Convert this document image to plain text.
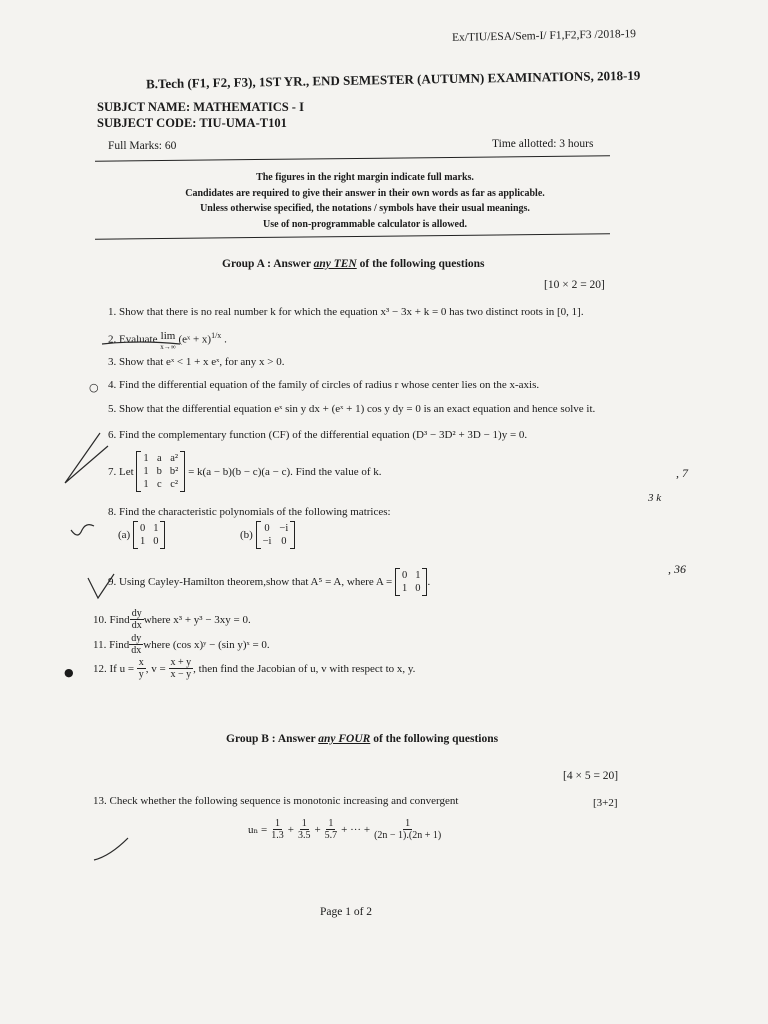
Ex/TIU/ESA/Sem-I/ F1,F2,F3 /2018-19
B.Tech (F1, F2, F3), 1ST YR., END SEMESTER (AUTUMN) EXAMINATIONS, 2018-19
SUBJCT NAME: MATHEMATICS - I
SUBJECT CODE: TIU-UMA-T101
Full Marks: 60	Time allotted: 3 hours
The figures in the right margin indicate full marks.
Candidates are required to give their answer in their own words as far as applicable.
Unless otherwise specified, the notations / symbols have their usual meanings.
Use of non-programmable calculator is allowed.
Group A : Answer any TEN of the following questions
[10 × 2 = 20]
1. Show that there is no real number k for which the equation x³ − 3x + k = 0 has two distinct roots in [0, 1].
2. Evaluate lim
x→∞
(eˣ + x)$^{1/x}$ .
3. Show that eˣ < 1 + x eˣ, for any x > 0.
4. Find the differential equation of the family of circles of radius r whose center lies on the x-axis.
5. Show that the differential equation eˣ sin y dx + (eˣ + 1) cos y dy = 0 is an exact equation and hence solve it.
6. Find the complementary function (CF) of the differential equation (D³ − 3D² + 3D − 1)y = 0.
7. Let

1 a a²
1 b b²
1 c c²

= k(a − b)(b − c)(a − c). Find the value of k.
8. Find the characteristic polynomials of the following matrices:
(a)

0 1
1 0
(b)

0 −i
−i 0
9. Using Cayley-Hamilton theorem,show that A⁵ = A, where A =

0 1
1 0
.
10. Find $\frac{dy}{dx}$ where x³ + y³ − 3xy = 0.
11. Find $\frac{dy}{dx}$ where (cos x)ʸ − (sin y)ˣ = 0.
12. If u =
$\frac{x}{y}$ , v =
$\frac{x + y}{x - y}$ , then find the Jacobian of u, v with respect to x, y.
Group B : Answer any FOUR of the following questions
[4 × 5 = 20]
13. Check whether the following sequence is monotonic increasing and convergent	[3+2]
$u_n = \frac{1}{1.3} + \frac{1}{3.5} + \frac{1}{5.7}$ + ··· + $\frac{1}{(2n - 1).(2n + 1)}$
Page 1 of 2
○
●
, 7
3 k
, 36
